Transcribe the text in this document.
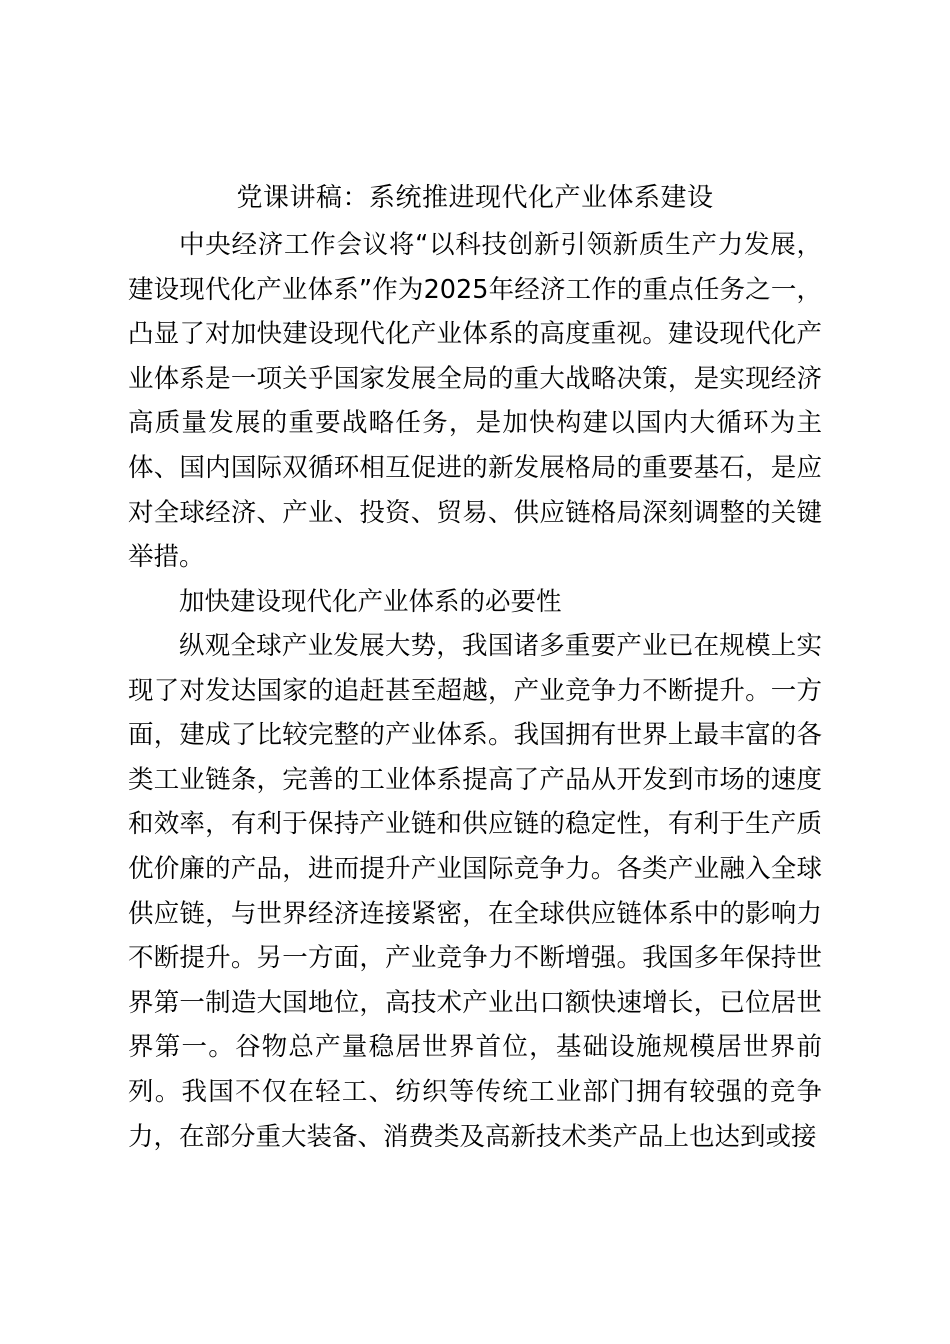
党课讲稿：系统推进现代化产业体系建设

中央经济工作会议将“以科技创新引领新质生产力发展，建设现代化产业体系”作为2025年经济工作的重点任务之一，凸显了对加快建设现代化产业体系的高度重视。建设现代化产业体系是一项关乎国家发展全局的重大战略决策，是实现经济高质量发展的重要战略任务，是加快构建以国内大循环为主体、国内国际双循环相互促进的新发展格局的重要基石，是应对全球经济、产业、投资、贸易、供应链格局深刻调整的关键举措。

加快建设现代化产业体系的必要性

纵观全球产业发展大势，我国诸多重要产业已在规模上实现了对发达国家的追赶甚至超越，产业竞争力不断提升。一方面，建成了比较完整的产业体系。我国拥有世界上最丰富的各类工业链条，完善的工业体系提高了产品从开发到市场的速度和效率，有利于保持产业链和供应链的稳定性，有利于生产质优价廉的产品，进而提升产业国际竞争力。各类产业融入全球供应链，与世界经济连接紧密，在全球供应链体系中的影响力不断提升。另一方面，产业竞争力不断增强。我国多年保持世界第一制造大国地位，高技术产业出口额快速增长，已位居世界第一。谷物总产量稳居世界首位，基础设施规模居世界前列。我国不仅在轻工、纺织等传统工业部门拥有较强的竞争力，在部分重大装备、消费类及高新技术类产品上也达到或接
